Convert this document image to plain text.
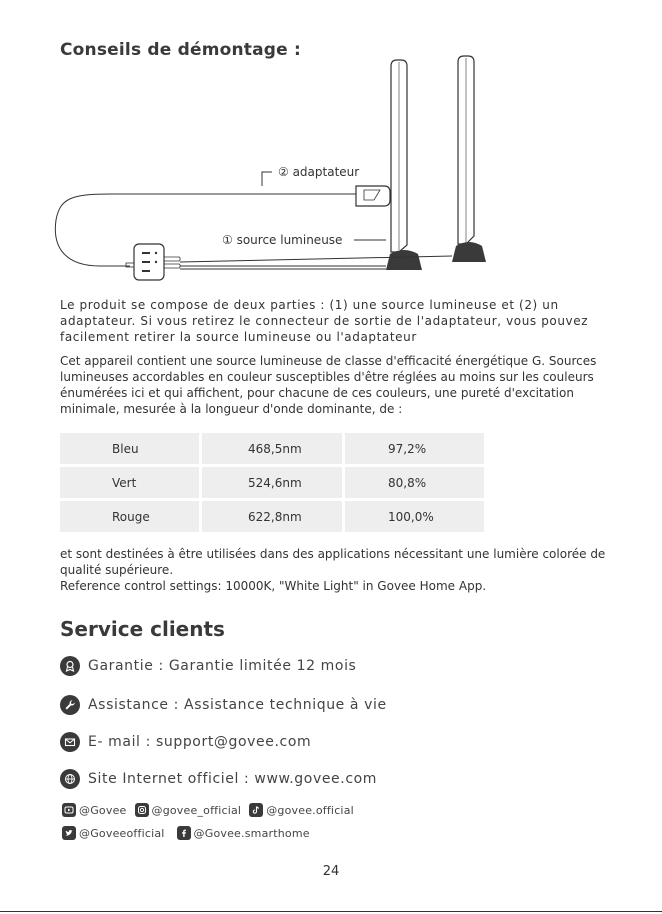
Conseils de démontage :
② adaptateur
① source lumineuse
Le produit se compose de deux parties : (1) une source lumineuse et (2) un adaptateur. Si vous retirez le connecteur de sortie de l'adaptateur, vous pouvez facilement retirer la source lumineuse ou l'adaptateur
Cet appareil contient une source lumineuse de classe d'efficacité énergétique G. Sources lumineuses accordables en couleur susceptibles d'être réglées au moins sur les couleurs énumérées ici et qui affichent, pour chacune de ces couleurs, une pureté d'excitation minimale, mesurée à la longueur d'onde dominante, de :
Bleu	468,5nm	97,2%
Vert	524,6nm	80,8%
Rouge	622,8nm	100,0%
et sont destinées à être utilisées dans des applications nécessitant une lumière colorée de qualité supérieure.
Reference control settings: 10000K, "White Light" in Govee Home App.
Service clients
Garantie : Garantie limitée 12 mois
Assistance : Assistance technique à vie
E- mail : support@govee.com
Site Internet officiel : www.govee.com
@Govee @govee_official @govee.official
@Goveeofficial	@Govee.smarthome
24
